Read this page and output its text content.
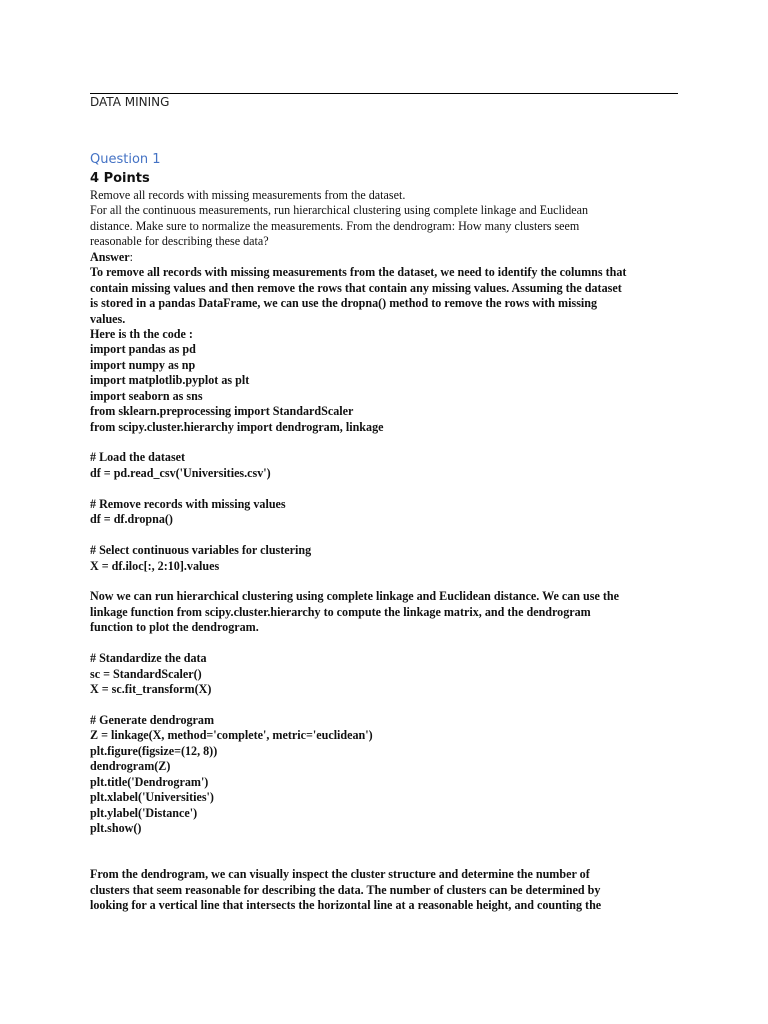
DATA MINING
Question 1
4 Points
Remove all records with missing measurements from the dataset.
For all the continuous measurements, run hierarchical clustering using complete linkage and Euclidean
distance. Make sure to normalize the measurements. From the dendrogram: How many clusters seem
reasonable for describing these data?
Answer:
To remove all records with missing measurements from the dataset, we need to identify the columns that
contain missing values and then remove the rows that contain any missing values. Assuming the dataset
is stored in a pandas DataFrame, we can use the dropna() method to remove the rows with missing
values.
Here is th the code :
import pandas as pd
import numpy as np
import matplotlib.pyplot as plt
import seaborn as sns
from sklearn.preprocessing import StandardScaler
from scipy.cluster.hierarchy import dendrogram, linkage
# Load the dataset
df = pd.read_csv('Universities.csv')
# Remove records with missing values
df = df.dropna()
# Select continuous variables for clustering
X = df.iloc[:, 2:10].values
Now we can run hierarchical clustering using complete linkage and Euclidean distance. We can use the
linkage function from scipy.cluster.hierarchy to compute the linkage matrix, and the dendrogram
function to plot the dendrogram.
# Standardize the data
sc = StandardScaler()
X = sc.fit_transform(X)
# Generate dendrogram
Z = linkage(X, method='complete', metric='euclidean')
plt.figure(figsize=(12, 8))
dendrogram(Z)
plt.title('Dendrogram')
plt.xlabel('Universities')
plt.ylabel('Distance')
plt.show()
From the dendrogram, we can visually inspect the cluster structure and determine the number of
clusters that seem reasonable for describing the data. The number of clusters can be determined by
looking for a vertical line that intersects the horizontal line at a reasonable height, and counting the
